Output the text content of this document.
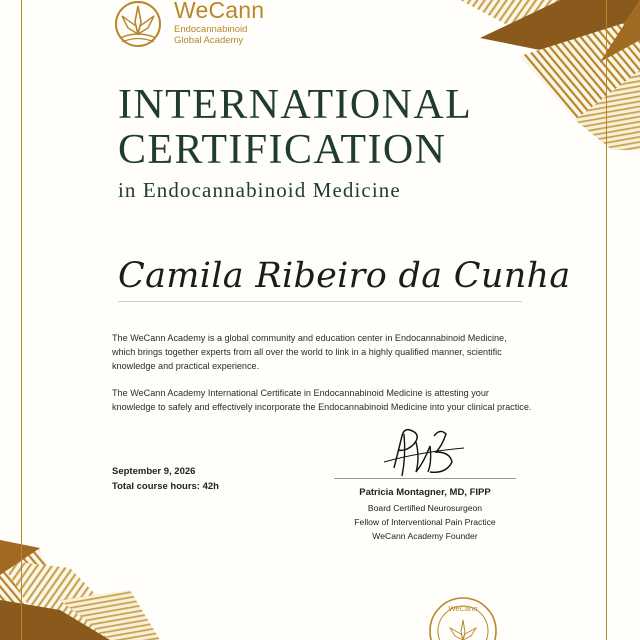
WeCann
Endocannabinoid
Global Academy
INTERNATIONAL
CERTIFICATION
in Endocannabinoid Medicine
Camila Ribeiro da Cunha
The WeCann Academy is a global community and education center in Endocannabinoid Medicine, which brings together experts from all over the world to link in a highly qualified manner, scientific knowledge and practical experience.
The WeCann Academy International Certificate in Endocannabinoid Medicine is attesting your knowledge to safely and effectively incorporate the Endocannabinoid Medicine into your clinical practice.
September 9, 2026
Total course hours: 42h
Patricia Montagner, MD, FIPP
Board Certified Neurosurgeon
Fellow of Interventional Pain Practice
WeCann Academy Founder
WeCann
